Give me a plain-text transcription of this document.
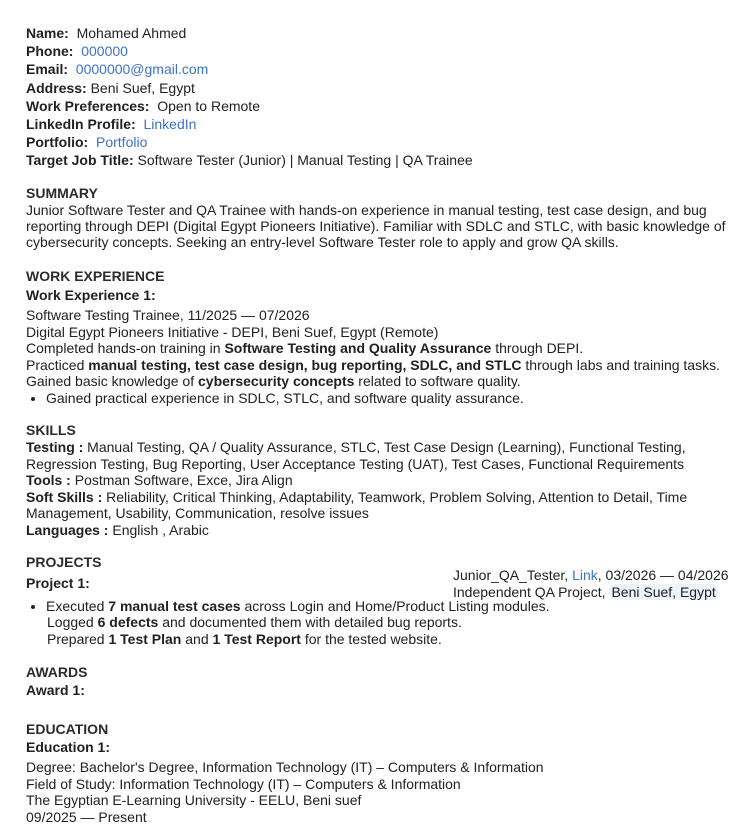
Name: Mohamed Ahmed
Phone: 000000
Email: 0000000@gmail.com
Address: Beni Suef, Egypt
Work Preferences: Open to Remote
LinkedIn Profile: LinkedIn
Portfolio: Portfolio
Target Job Title: Software Tester (Junior) | Manual Testing | QA Trainee
SUMMARY
Junior Software Tester and QA Trainee with hands-on experience in manual testing, test case design, and bug reporting through DEPI (Digital Egypt Pioneers Initiative). Familiar with SDLC and STLC, with basic knowledge of cybersecurity concepts. Seeking an entry-level Software Tester role to apply and grow QA skills.
WORK EXPERIENCE
Work Experience 1:
Software Testing Trainee, 11/2025 — 07/2026
Digital Egypt Pioneers Initiative - DEPI, Beni Suef, Egypt (Remote)
Completed hands-on training in Software Testing and Quality Assurance through DEPI.
Practiced manual testing, test case design, bug reporting, SDLC, and STLC through labs and training tasks.
Gained basic knowledge of cybersecurity concepts related to software quality.
• Gained practical experience in SDLC, STLC, and software quality assurance.
SKILLS
Testing : Manual Testing, QA / Quality Assurance, STLC, Test Case Design (Learning), Functional Testing,
Regression Testing, Bug Reporting, User Acceptance Testing (UAT), Test Cases, Functional Requirements
Tools : Postman Software, Exce, Jira Align
Soft Skills : Reliability, Critical Thinking, Adaptability, Teamwork, Problem Solving, Attention to Detail, Time
Management, Usability, Communication, resolve issues
Languages : English , Arabic
PROJECTS
Junior_QA_Tester, Link, 03/2026 — 04/2026
Independent QA Project, Beni Suef, Egypt
Project 1:
• Executed 7 manual test cases across Login and Home/Product Listing modules.
Logged 6 defects and documented them with detailed bug reports.
Prepared 1 Test Plan and 1 Test Report for the tested website.
AWARDS
Award 1:
EDUCATION
Education 1:
Degree: Bachelor's Degree, Information Technology (IT) – Computers & Information
Field of Study: Information Technology (IT) – Computers & Information
The Egyptian E-Learning University - EELU, Beni suef
09/2025 — Present
